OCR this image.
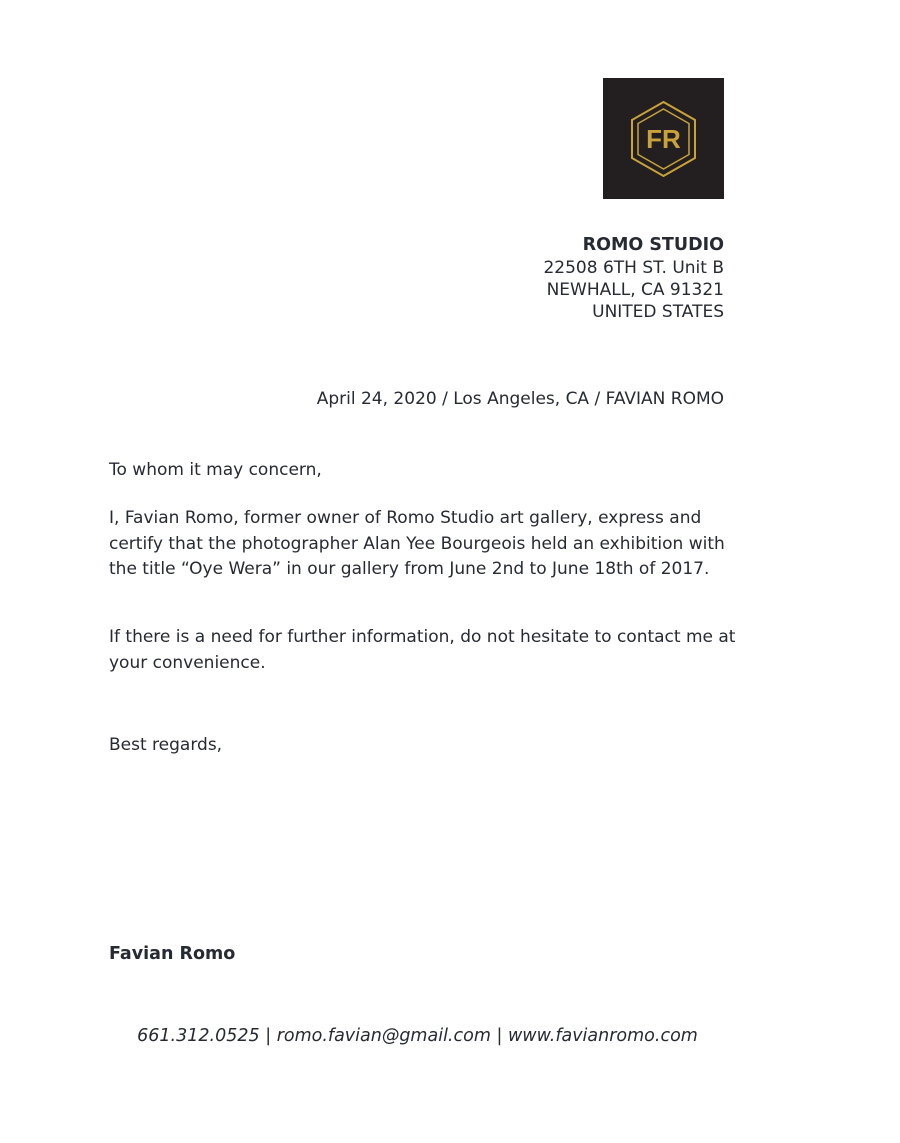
FR
ROMO STUDIO
22508 6TH ST. Unit B
NEWHALL, CA 91321
UNITED STATES
April 24, 2020 / Los Angeles, CA / FAVIAN ROMO
To whom it may concern,
I, Favian Romo, former owner of Romo Studio art gallery, express and certify that the photographer Alan Yee Bourgeois held an exhibition with the title “Oye Wera” in our gallery from June 2nd to June 18th of 2017.
If there is a need for further information, do not hesitate to contact me at your convenience.
Best regards,
Favian Romo
661.312.0525 | romo.favian@gmail.com | www.favianromo.com
